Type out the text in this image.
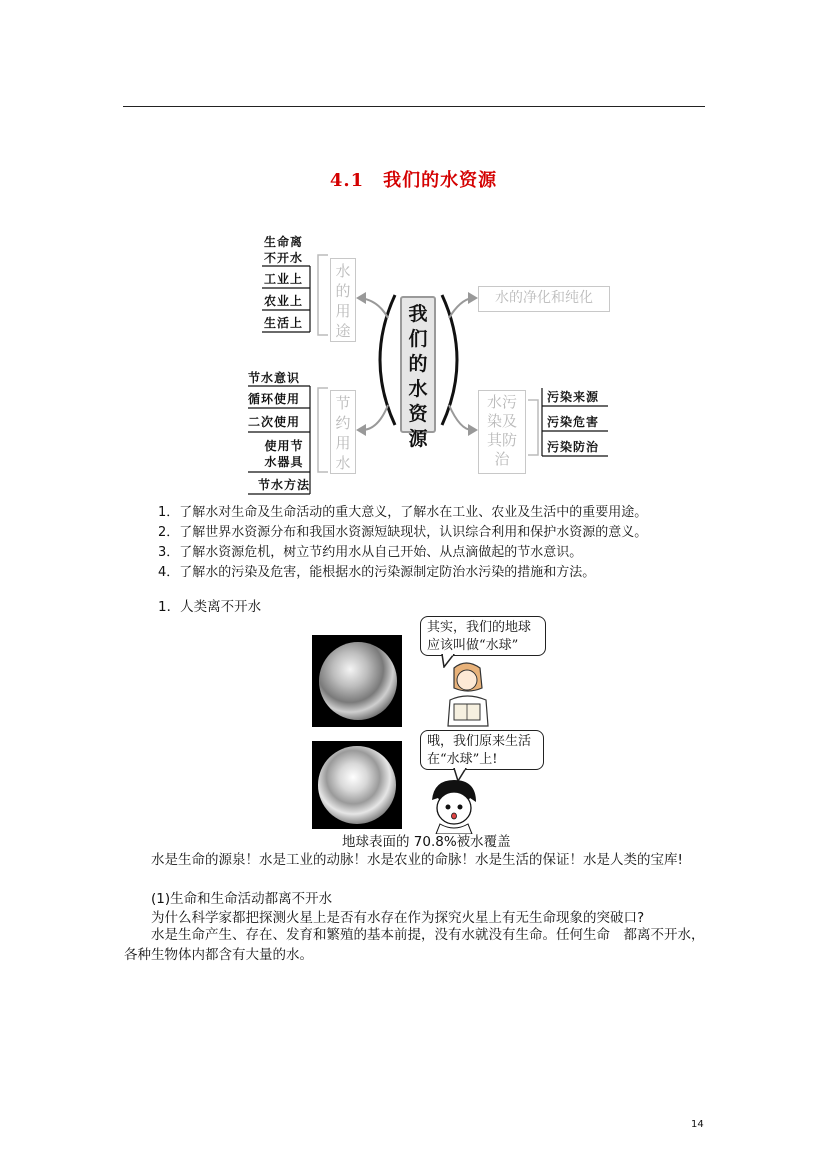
4.1　我们的水资源
我们的水资源
水的用途
节约用水
水的净化和纯化
水污染及其防治
生命离不开水
工业上
农业上
生活上
节水意识
循环使用
二次使用
使用节水器具
节水方法
污染来源
污染危害
污染防治
1．了解水对生命及生命活动的重大意义，了解水在工业、农业及生活中的重要用途。
2．了解世界水资源分布和我国水资源短缺现状，认识综合利用和保护水资源的意义。
3．了解水资源危机，树立节约用水从自己开始、从点滴做起的节水意识。
4．了解水的污染及危害，能根据水的污染源制定防治水污染的措施和方法。
1．人类离不开水
其实，我们的地球应该叫做“水球”
哦，我们原来生活在“水球”上!
地球表面的 70.8%被水覆盖
水是生命的源泉！水是工业的动脉！水是农业的命脉！水是生活的保证！水是人类的宝库!
(1)生命和生命活动都离不开水
为什么科学家都把探测火星上是否有水存在作为探究火星上有无生命现象的突破口?
水是生命产生、存在、发育和繁殖的基本前提，没有水就没有生命。任何生命　都离不开水，各种生物体内都含有大量的水。
14
